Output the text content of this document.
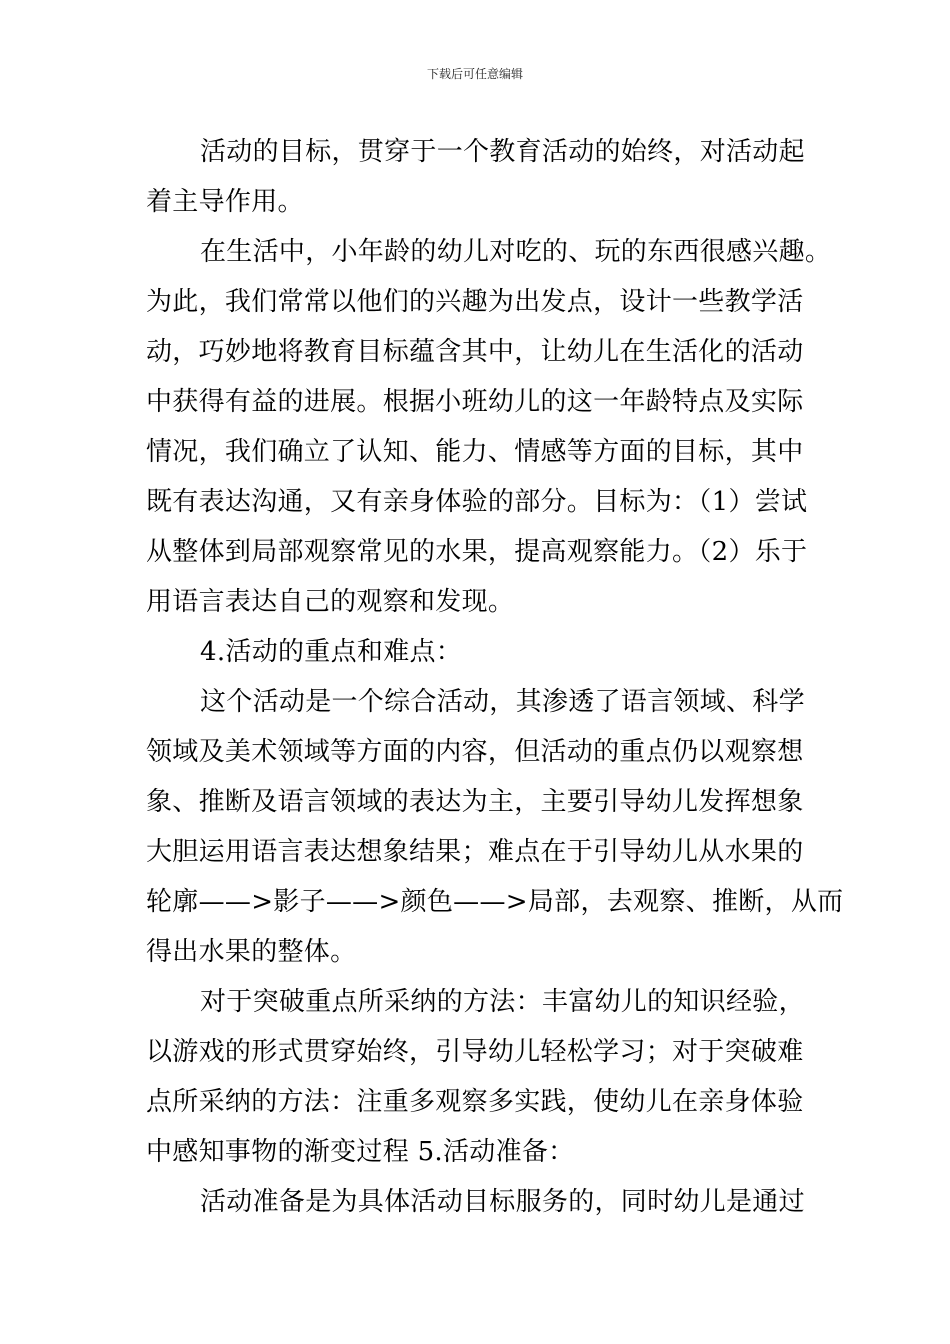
下载后可任意编辑
活动的目标，贯穿于一个教育活动的始终，对活动起
着主导作用。
在生活中，小年龄的幼儿对吃的、玩的东西很感兴趣。
为此，我们常常以他们的兴趣为出发点，设计一些教学活
动，巧妙地将教育目标蕴含其中，让幼儿在生活化的活动
中获得有益的进展。根据小班幼儿的这一年龄特点及实际
情况，我们确立了认知、能力、情感等方面的目标，其中
既有表达沟通，又有亲身体验的部分。目标为：（1）尝试
从整体到局部观察常见的水果，提高观察能力。（2）乐于
用语言表达自己的观察和发现。
4.活动的重点和难点：
这个活动是一个综合活动，其渗透了语言领域、科学
领域及美术领域等方面的内容，但活动的重点仍以观察想
象、推断及语言领域的表达为主，主要引导幼儿发挥想象
大胆运用语言表达想象结果；难点在于引导幼儿从水果的
轮廓——>影子——>颜色——>局部，去观察、推断，从而
得出水果的整体。
对于突破重点所采纳的方法：丰富幼儿的知识经验，
以游戏的形式贯穿始终，引导幼儿轻松学习；对于突破难
点所采纳的方法：注重多观察多实践，使幼儿在亲身体验
中感知事物的渐变过程 5.活动准备：
活动准备是为具体活动目标服务的，同时幼儿是通过
